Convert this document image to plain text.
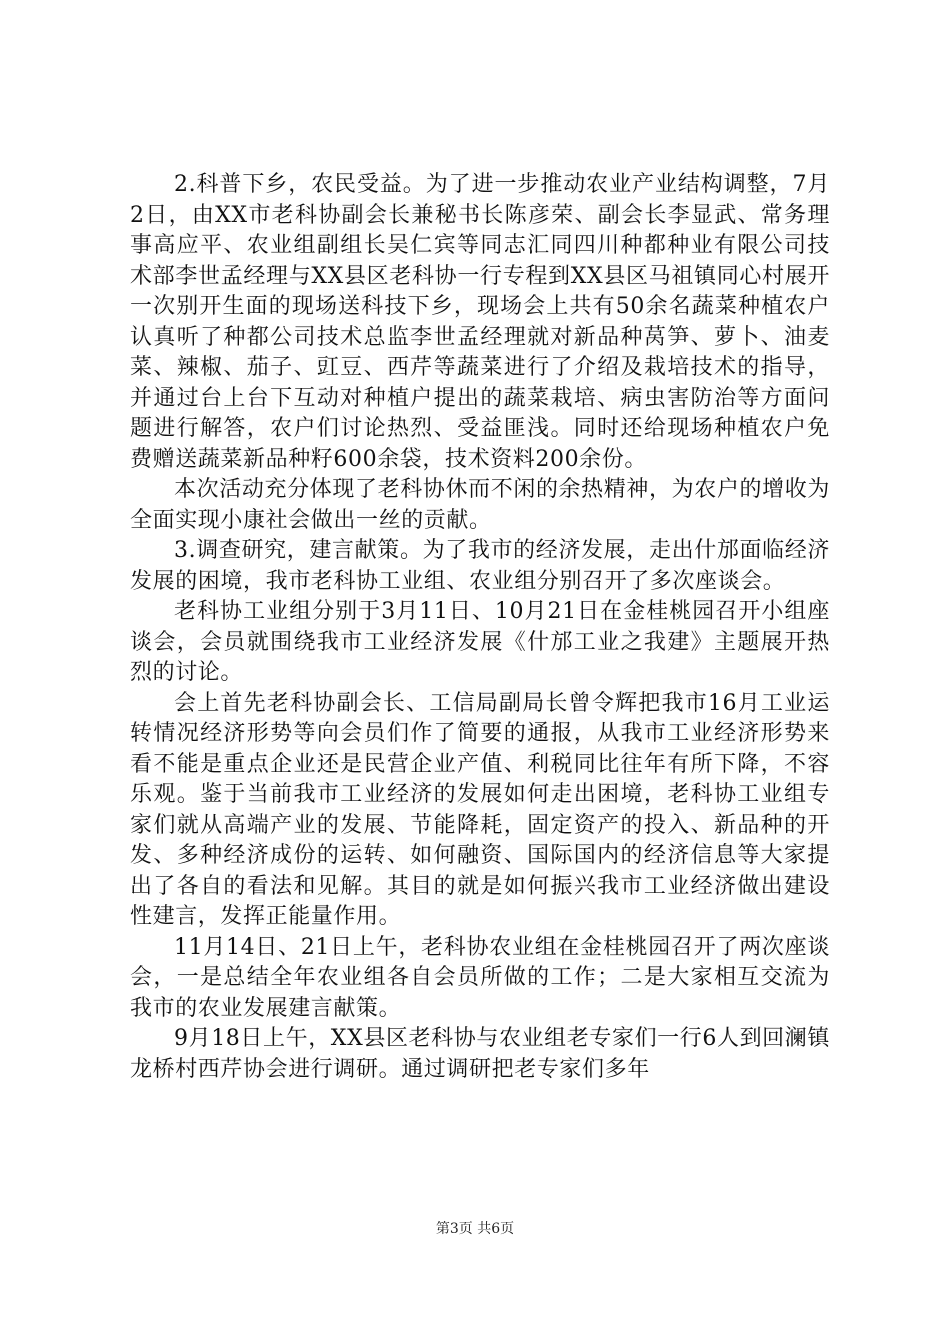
2.科普下乡，农民受益。为了进一步推动农业产业结构调整，7月2日，由XX市老科协副会长兼秘书长陈彦荣、副会长李显武、常务理事高应平、农业组副组长吴仁宾等同志汇同四川种都种业有限公司技术部李世孟经理与XX县区老科协一行专程到XX县区马祖镇同心村展开一次别开生面的现场送科技下乡，现场会上共有50余名蔬菜种植农户认真听了种都公司技术总监李世孟经理就对新品种莴笋、萝卜、油麦菜、辣椒、茄子、豇豆、西芹等蔬菜进行了介绍及栽培技术的指导，并通过台上台下互动对种植户提出的蔬菜栽培、病虫害防治等方面问题进行解答，农户们讨论热烈、受益匪浅。同时还给现场种植农户免费赠送蔬菜新品种籽600余袋，技术资料200余份。

本次活动充分体现了老科协休而不闲的余热精神，为农户的增收为全面实现小康社会做出一丝的贡献。

3.调查研究，建言献策。为了我市的经济发展，走出什邡面临经济发展的困境，我市老科协工业组、农业组分别召开了多次座谈会。

老科协工业组分别于3月11日、10月21日在金桂桃园召开小组座谈会，会员就围绕我市工业经济发展《什邡工业之我建》主题展开热烈的讨论。

会上首先老科协副会长、工信局副局长曾令辉把我市16月工业运转情况经济形势等向会员们作了简要的通报，从我市工业经济形势来看不能是重点企业还是民营企业产值、利税同比往年有所下降，不容乐观。鉴于当前我市工业经济的发展如何走出困境，老科协工业组专家们就从高端产业的发展、节能降耗，固定资产的投入、新品种的开发、多种经济成份的运转、如何融资、国际国内的经济信息等大家提出了各自的看法和见解。其目的就是如何振兴我市工业经济做出建设性建言，发挥正能量作用。

11月14日、21日上午，老科协农业组在金桂桃园召开了两次座谈会，一是总结全年农业组各自会员所做的工作；二是大家相互交流为我市的农业发展建言献策。

9月18日上午，XX县区老科协与农业组老专家们一行6人到回澜镇龙桥村西芹协会进行调研。通过调研把老专家们多年

第3页 共6页
